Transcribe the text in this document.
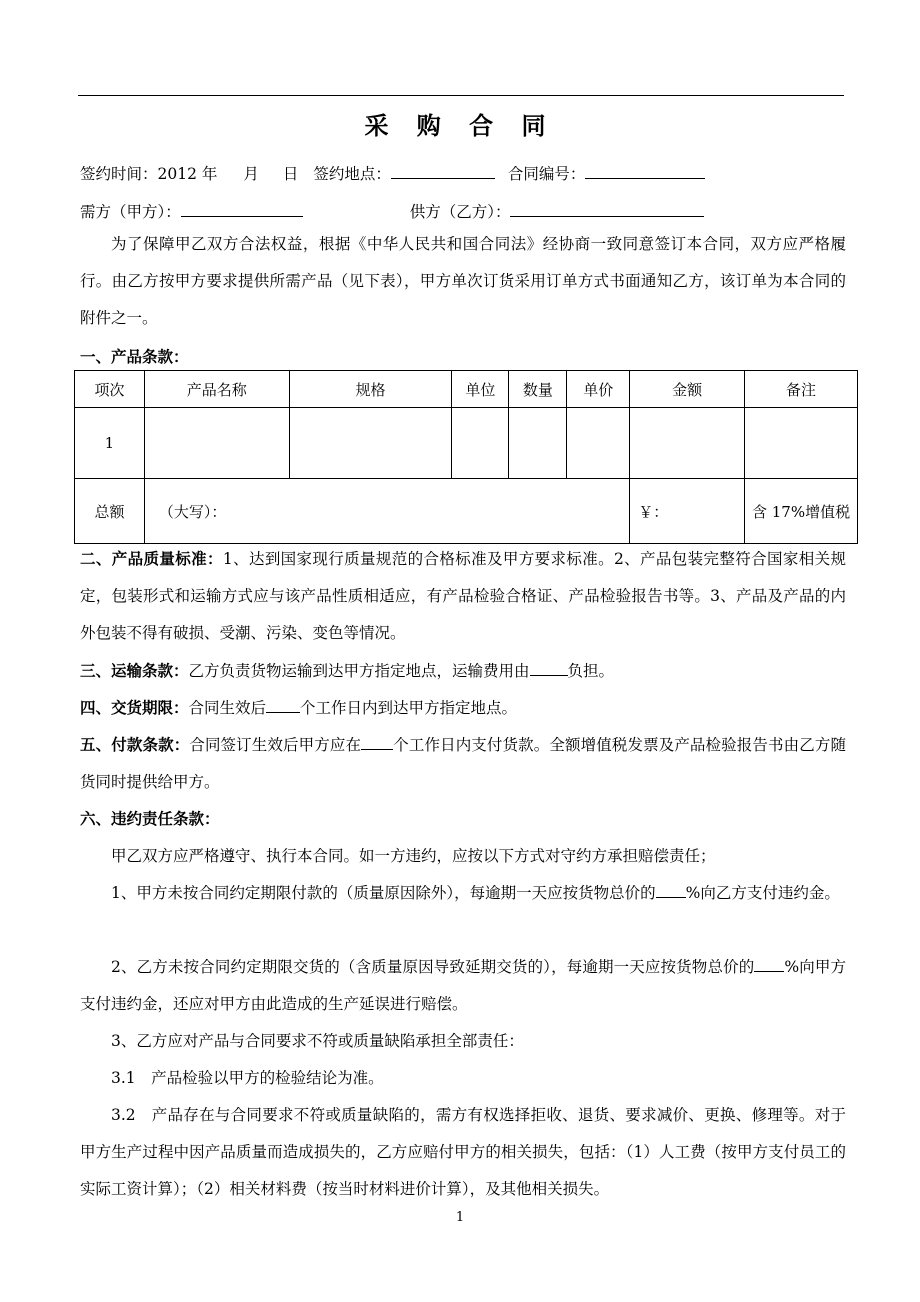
采 购 合 同
签约时间：2012 年 月 日 签约地点：	合同编号：
需方（甲方）：	供方（乙方）：
为了保障甲乙双方合法权益，根据《中华人民共和国合同法》经协商一致同意签订本合同，双方应严格履行。由乙方按甲方要求提供所需产品（见下表），甲方单次订货采用订单方式书面通知乙方，该订单为本合同的附件之一。
一、产品条款：
项次	产品名称	规格	单位	数量	单价	金额	备注
1							
总额	（大写）：					￥：	含 17%增值税
二、产品质量标准：1、达到国家现行质量规范的合格标准及甲方要求标准。2、产品包装完整符合国家相关规定，包装形式和运输方式应与该产品性质相适应，有产品检验合格证、产品检验报告书等。3、产品及产品的内外包装不得有破损、受潮、污染、变色等情况。
三、运输条款：乙方负责货物运输到达甲方指定地点，运输费用由 负担。
四、交货期限：合同生效后 个工作日内到达甲方指定地点。
五、付款条款：合同签订生效后甲方应在 个工作日内支付货款。全额增值税发票及产品检验报告书由乙方随货同时提供给甲方。
六、违约责任条款：
甲乙双方应严格遵守、执行本合同。如一方违约，应按以下方式对守约方承担赔偿责任；
1、甲方未按合同约定期限付款的（质量原因除外），每逾期一天应按货物总价的 %向乙方支付违约金。
2、乙方未按合同约定期限交货的（含质量原因导致延期交货的），每逾期一天应按货物总价的 %向甲方支付违约金，还应对甲方由此造成的生产延误进行赔偿。
3、乙方应对产品与合同要求不符或质量缺陷承担全部责任：
3.1　产品检验以甲方的检验结论为准。
3.2　产品存在与合同要求不符或质量缺陷的，需方有权选择拒收、退货、要求减价、更换、修理等。对于甲方生产过程中因产品质量而造成损失的，乙方应赔付甲方的相关损失，包括：（1）人工费（按甲方支付员工的实际工资计算）；（2）相关材料费（按当时材料进价计算），及其他相关损失。
1
